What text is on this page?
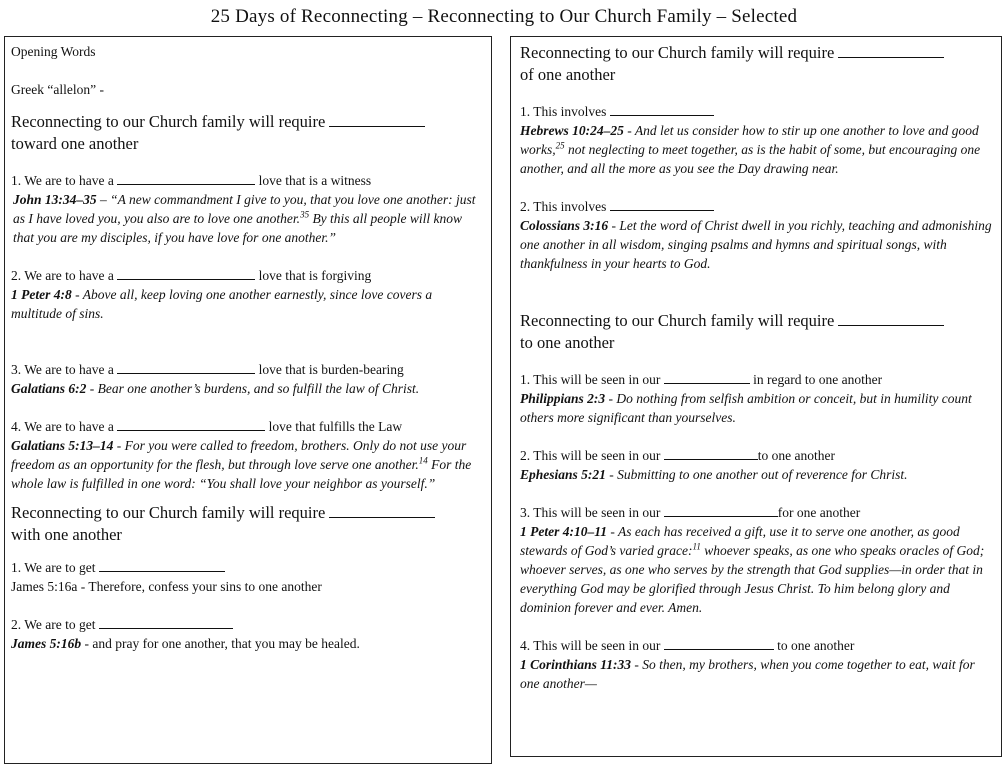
25 Days of Reconnecting – Reconnecting to Our Church Family – Selected

Opening Words

Greek “allelon” -

Reconnecting to our Church family will require
toward one another
1. We are to have a	love that is a witness
John 13:34–35 – “A new commandment I give to you, that you love one another: just as I have loved you, you also are to love one another.$^{35}$ By this all people will know that you are my disciples, if you have love for one another.”
2. We are to have a	love that is forgiving
1 Peter 4:8 - Above all, keep loving one another earnestly, since love covers a multitude of sins.
3. We are to have a	love that is burden-bearing
Galatians 6:2 - Bear one another’s burdens, and so fulfill the law of Christ.
4. We are to have a	love that fulfills the Law
Galatians 5:13–14 - For you were called to freedom, brothers. Only do not use your freedom as an opportunity for the flesh, but through love serve one another.$^{14}$ For the whole law is fulfilled in one word: “You shall love your neighbor as yourself.”
Reconnecting to our Church family will require
with one another
1. We are to get
James 5:16a - Therefore, confess your sins to one another
2. We are to get
James 5:16b - and pray for one another, that you may be healed.
Reconnecting to our Church family will require
of one another
1. This involves
Hebrews 10:24–25 - And let us consider how to stir up one another to love and good works,$^{25}$ not neglecting to meet together, as is the habit of some, but encouraging one another, and all the more as you see the Day drawing near.
2. This involves
Colossians 3:16 - Let the word of Christ dwell in you richly, teaching and admonishing one another in all wisdom, singing psalms and hymns and spiritual songs, with thankfulness in your hearts to God.
Reconnecting to our Church family will require
to one another
1. This will be seen in our	in regard to one another
Philippians 2:3 - Do nothing from selfish ambition or conceit, but in humility count others more significant than yourselves.
2. This will be seen in our	to one another
Ephesians 5:21 - Submitting to one another out of reverence for Christ.
3. This will be seen in our	for one another
1 Peter 4:10–11 - As each has received a gift, use it to serve one another, as good stewards of God’s varied grace:$^{11}$ whoever speaks, as one who speaks oracles of God; whoever serves, as one who serves by the strength that God supplies—in order that in everything God may be glorified through Jesus Christ. To him belong glory and dominion forever and ever. Amen.
4. This will be seen in our	to one another
1 Corinthians 11:33 - So then, my brothers, when you come together to eat, wait for one another—
